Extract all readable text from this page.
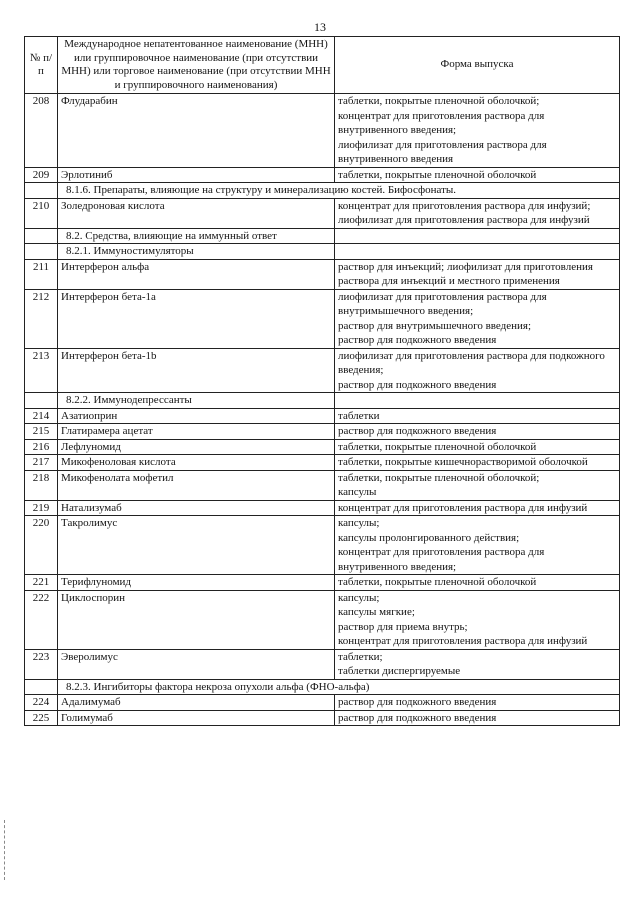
13
№ п/п	Международное непатентованное наименование (МНН) или группировочное наименование (при отсутствии МНН) или торговое наименование (при отсутствии МНН и группировочного наименования)	Форма выпуска
208	Флударабин	таблетки, покрытые пленочной оболочкой;
концентрат для приготовления раствора для внутривенного введения;
лиофилизат для приготовления раствора для внутривенного введения

209	Эрлотиниб	таблетки, покрытые пленочной оболочкой

	8.1.6. Препараты, влияющие на структуру и минерализацию костей. Бифосфонаты.	
210	Золедроновая кислота	концентрат для приготовления раствора для инфузий;
лиофилизат для приготовления раствора для инфузий

	8.2. Средства, влияющие на иммунный ответ	
	8.2.1. Иммуностимуляторы	
211	Интерферон альфа	раствор для инъекций; лиофилизат для приготовления раствора для инъекций и местного применения

212	Интерферон бета-1а	лиофилизат для приготовления раствора для внутримышечного введения;
раствор для внутримышечного введения;
раствор для подкожного введения

213	Интерферон бета-1b	лиофилизат для приготовления раствора для подкожного введения;
раствор для подкожного введения

	8.2.2. Иммунодепрессанты	
214	Азатиоприн	таблетки

215	Глатирамера ацетат	раствор для подкожного введения

216	Лефлуномид	таблетки, покрытые пленочной оболочкой

217	Микофеноловая кислота	таблетки, покрытые кишечнорастворимой оболочкой

218	Микофенолата мофетил	таблетки, покрытые пленочной оболочкой;
капсулы

219	Натализумаб	концентрат для приготовления раствора для инфузий

220	Такролимус	капсулы;
капсулы пролонгированного действия;
концентрат для приготовления раствора для внутривенного введения;

221	Терифлуномид	таблетки, покрытые пленочной оболочкой

222	Циклоспорин	капсулы;
капсулы мягкие;
раствор для приема внутрь;
концентрат для приготовления раствора для инфузий

223	Эверолимус	таблетки;
таблетки диспергируемые

	8.2.3. Ингибиторы фактора некроза опухоли альфа (ФНО-альфа)	
224	Адалимумаб	раствор для подкожного введения

225	Голимумаб	раствор для подкожного введения
